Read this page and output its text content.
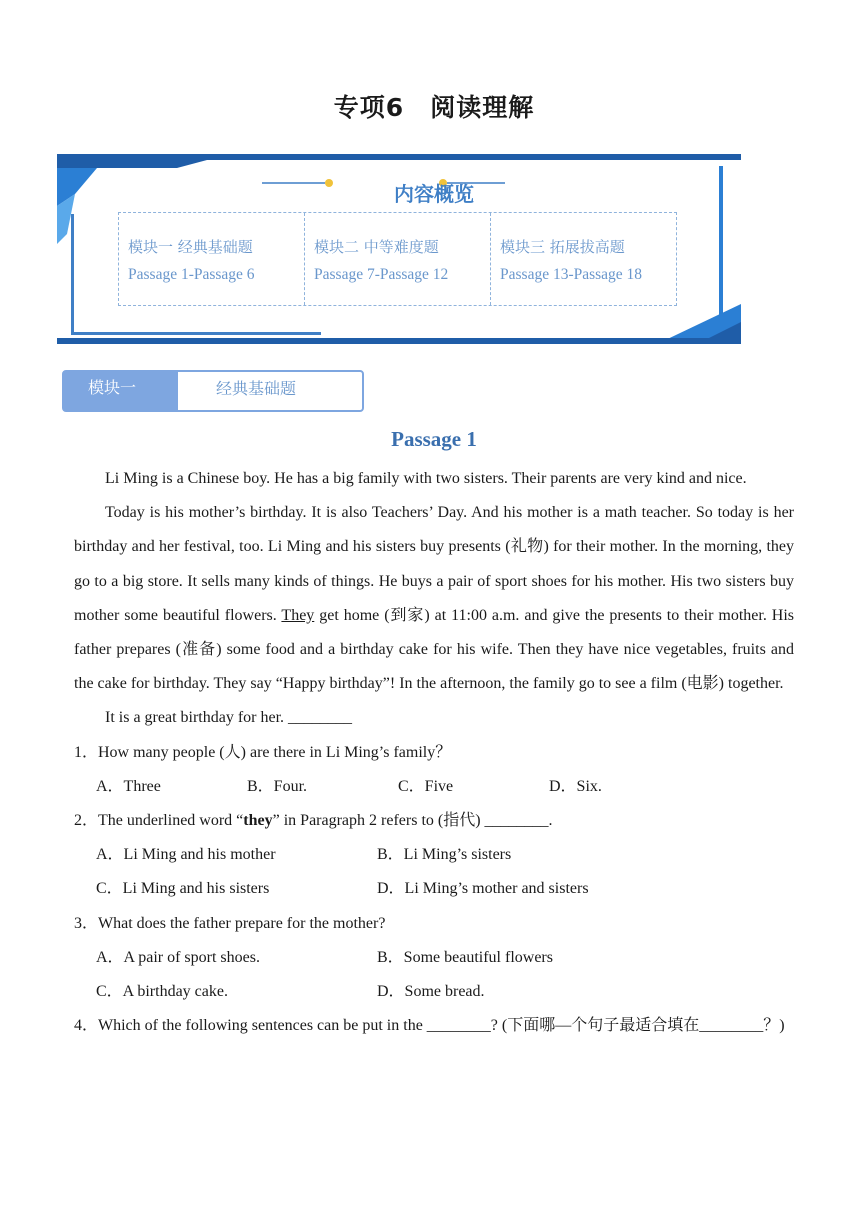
专项6　阅读理解
内容概览
模块一 经典基础题
Passage 1-Passage 6
模块二 中等难度题
Passage 7-Passage 12
模块三 拓展拔高题
Passage 13-Passage 18
模块一	经典基础题
Passage 1

Li Ming is a Chinese boy. He has a big family with two sisters. Their parents are very kind and nice.

Today is his mother’s birthday. It is also Teachers’ Day. And his mother is a math teacher. So today is her birthday and her festival, too. Li Ming and his sisters buy presents (礼物) for their mother. In the morning, they go to a big store. It sells many kinds of things. He buys a pair of sport shoes for his mother. His two sisters buy mother some beautiful flowers. They get home (到家) at 11:00 a.m. and give the presents to their mother. His father prepares (准备) some food and a birthday cake for his wife. Then they have nice vegetables, fruits and the cake for birthday. They say “Happy birthday”! In the afternoon, the family go to see a film (电影) together.

It is a great birthday for her. ________

1．How many people (人) are there in Li Ming’s family？

A．Three	B．Four.	C．Five	D．Six.

2．The underlined word “they” in Paragraph 2 refers to (指代) ________.

A．Li Ming and his mother	B．Li Ming’s sisters
C．Li Ming and his sisters	D．Li Ming’s mother and sisters

3．What does the father prepare for the mother?

A．A pair of sport shoes.	B．Some beautiful flowers
C．A birthday cake.	D．Some bread.

4．Which of the following sentences can be put in the ________? (下面哪—个句子最适合填在________？)
